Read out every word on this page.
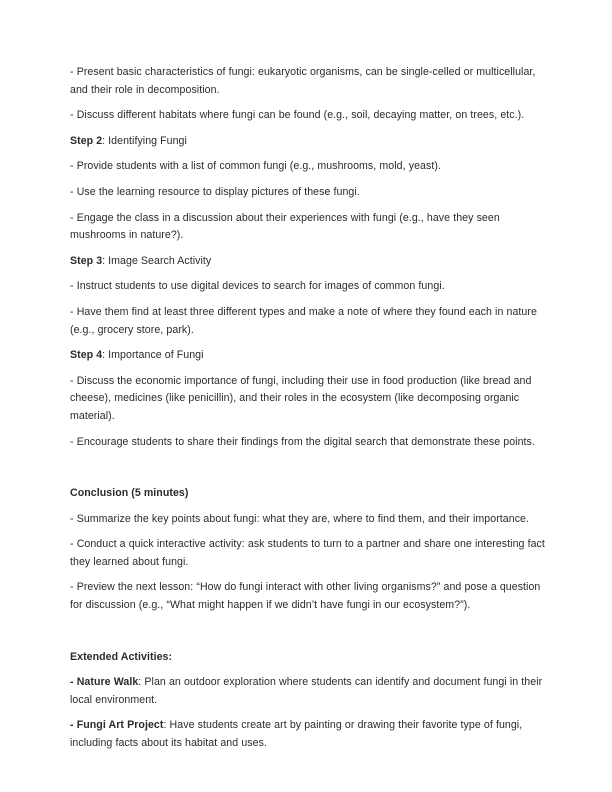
- Present basic characteristics of fungi: eukaryotic organisms, can be single-celled or multicellular, and their role in decomposition.

- Discuss different habitats where fungi can be found (e.g., soil, decaying matter, on trees, etc.).

Step 2: Identifying Fungi

- Provide students with a list of common fungi (e.g., mushrooms, mold, yeast).

- Use the learning resource to display pictures of these fungi.

- Engage the class in a discussion about their experiences with fungi (e.g., have they seen mushrooms in nature?).

Step 3: Image Search Activity

- Instruct students to use digital devices to search for images of common fungi.

- Have them find at least three different types and make a note of where they found each in nature (e.g., grocery store, park).

Step 4: Importance of Fungi

- Discuss the economic importance of fungi, including their use in food production (like bread and cheese), medicines (like penicillin), and their roles in the ecosystem (like decomposing organic material).

- Encourage students to share their findings from the digital search that demonstrate these points.

Conclusion (5 minutes)

- Summarize the key points about fungi: what they are, where to find them, and their importance.

- Conduct a quick interactive activity: ask students to turn to a partner and share one interesting fact they learned about fungi.

- Preview the next lesson: “How do fungi interact with other living organisms?” and pose a question for discussion (e.g., “What might happen if we didn’t have fungi in our ecosystem?”).

Extended Activities:

- Nature Walk: Plan an outdoor exploration where students can identify and document fungi in their local environment.

- Fungi Art Project: Have students create art by painting or drawing their favorite type of fungi, including facts about its habitat and uses.
